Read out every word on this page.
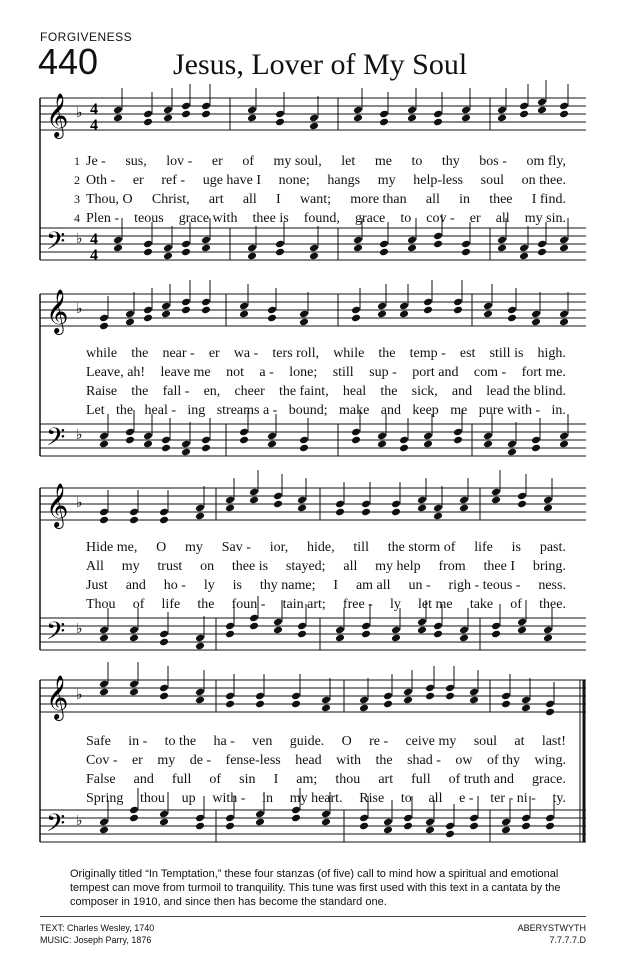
FORGIVENESS
440 Jesus, Lover of My Soul
𝄞
𝄢
♭
♭
4
4
4
4
1 Je - sus, lov - er of my soul, let me to thy bos - om fly,
2 Oth - er ref - uge have I none; hangs my help-less soul on thee.
3 Thou, O Christ, art all I want; more than all in thee I find.
4 Plen - teous grace with thee is found, grace to cov - er all my sin.
𝄞
𝄢
♭
♭
while the near - er wa - ters roll, while the temp - est still is high.
Leave, ah! leave me not a - lone; still sup - port and com - fort me.
Raise the fall - en, cheer the faint, heal the sick, and lead the blind.
Let the heal - ing streams a - bound; make and keep me pure with - in.
𝄞
𝄢
♭
♭
Hide me, O my Sav - ior, hide, till the storm of life is past.
All my trust on thee is stayed; all my help from thee I bring.
Just and ho - ly is thy name; I am all un - righ - teous - ness.
Thou of life the foun - tain art; free - ly let me take of thee.
𝄞
𝄢
♭
♭
Safe in - to the ha - ven guide. O re - ceive my soul at last!
Cov - er my de - fense-less head with the shad - ow of thy wing.
False and full of sin I am; thou art full of truth and grace.
Spring thou up with - in my heart. Rise to all e - ter - ni - ty.
Originally titled “In Temptation,” these four stanzas (of five) call to mind how a spiritual and emotional tempest can move from turmoil to tranquility. This tune was first used with this text in a cantata by the composer in 1910, and since then has become the standard one.
TEXT: Charles Wesley, 1740
MUSIC: Joseph Parry, 1876
ABERYSTWYTH
7.7.7.7.D
